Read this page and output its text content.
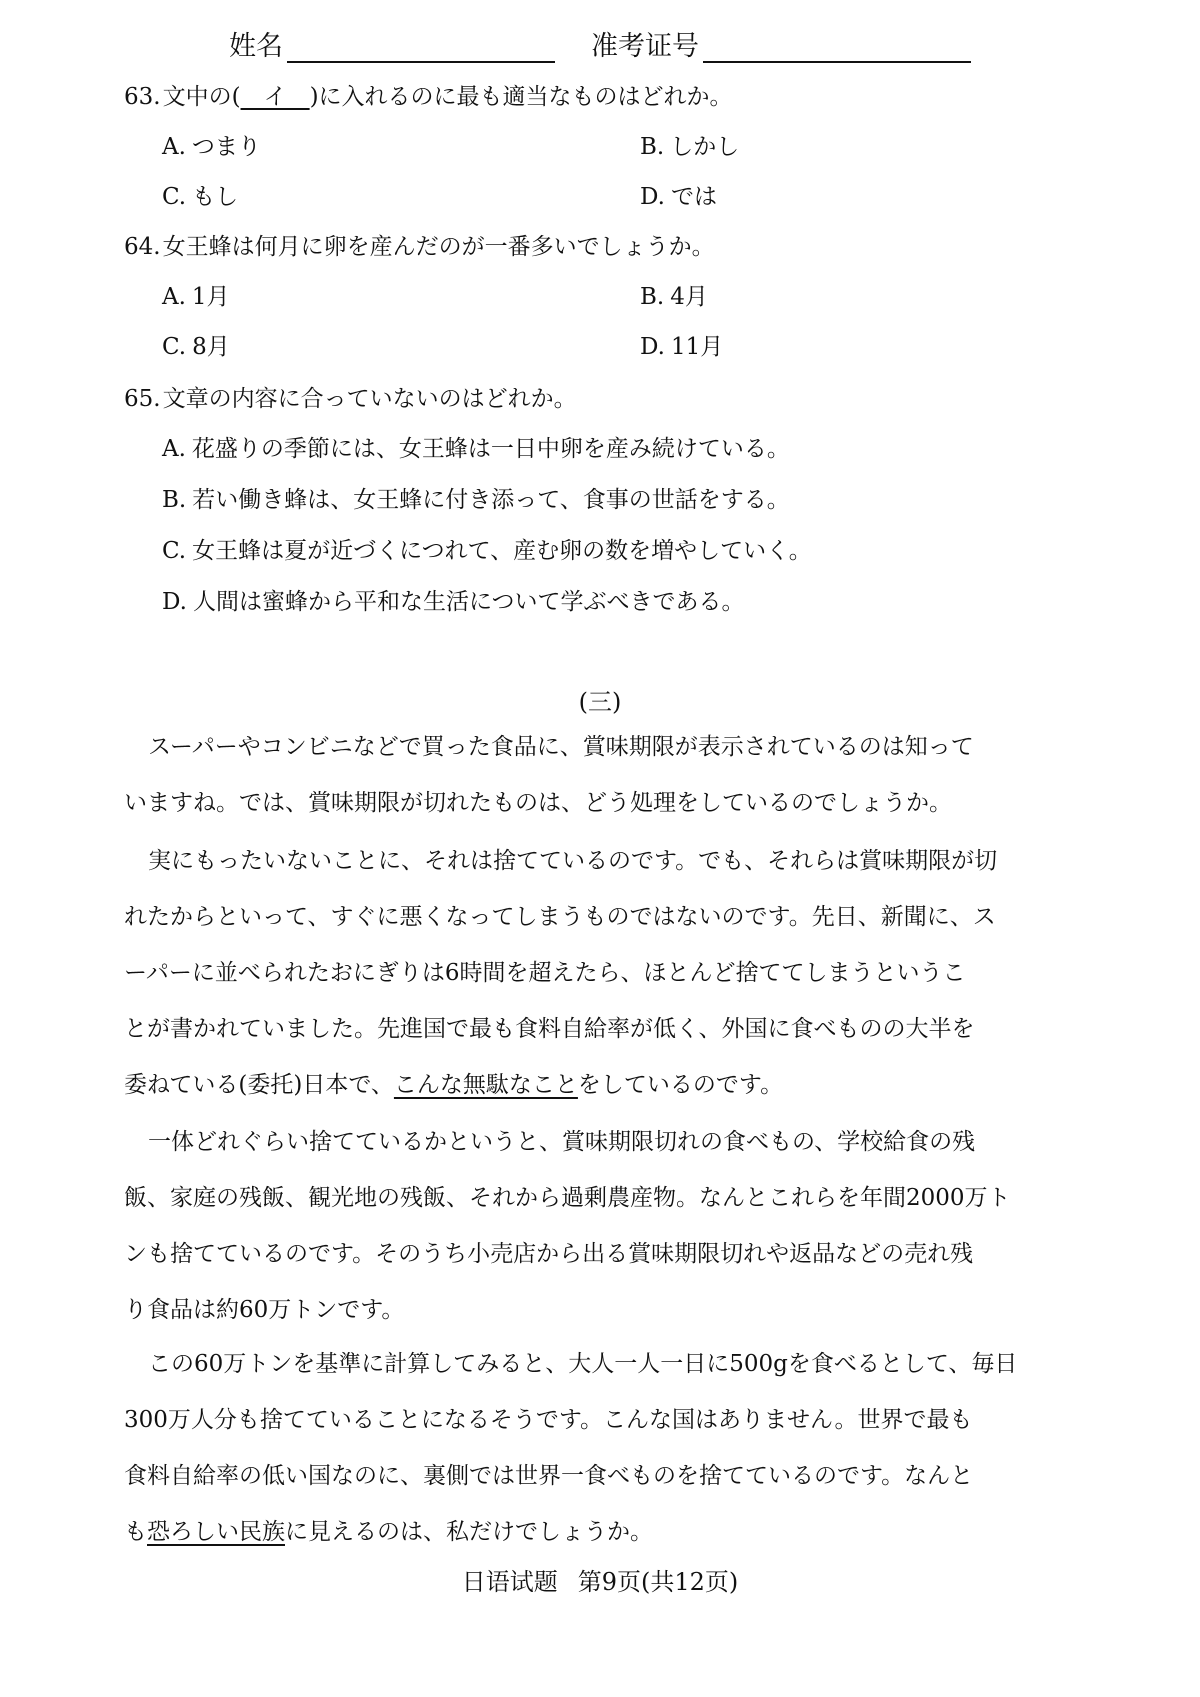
姓名	准考证号
63.文中の(__イ__)に入れるのに最も適当なものはどれか。
A. つまり	B. しかし
C. もし	D. では
64.女王蜂は何月に卵を産んだのが一番多いでしょうか。
A. 1月	B. 4月
C. 8月	D. 11月
65.文章の内容に合っていないのはどれか。
A. 花盛りの季節には、女王蜂は一日中卵を産み続けている。
B. 若い働き蜂は、女王蜂に付き添って、食事の世話をする。
C. 女王蜂は夏が近づくにつれて、産む卵の数を増やしていく。
D. 人間は蜜蜂から平和な生活について学ぶべきである。
(三)
スーパーやコンビニなどで買った食品に、賞味期限が表示されているのは知って
いますね。では、賞味期限が切れたものは、どう処理をしているのでしょうか。
実にもったいないことに、それは捨てているのです。でも、それらは賞味期限が切
れたからといって、すぐに悪くなってしまうものではないのです。先日、新聞に、ス
ーパーに並べられたおにぎりは6時間を超えたら、ほとんど捨ててしまうというこ
とが書かれていました。先進国で最も食料自給率が低く、外国に食べものの大半を
委ねている(委托)日本で、こんな無駄なことをしているのです。
一体どれぐらい捨てているかというと、賞味期限切れの食べもの、学校給食の残
飯、家庭の残飯、観光地の残飯、それから過剰農産物。なんとこれらを年間2000万ト
ンも捨てているのです。そのうち小売店から出る賞味期限切れや返品などの売れ残
り食品は約60万トンです。
この60万トンを基準に計算してみると、大人一人一日に500gを食べるとして、毎日
300万人分も捨てていることになるそうです。こんな国はありません。世界で最も
食料自給率の低い国なのに、裏側では世界一食べものを捨てているのです。なんと
も恐ろしい民族に見えるのは、私だけでしょうか。
日语试题 第9页(共12页)
